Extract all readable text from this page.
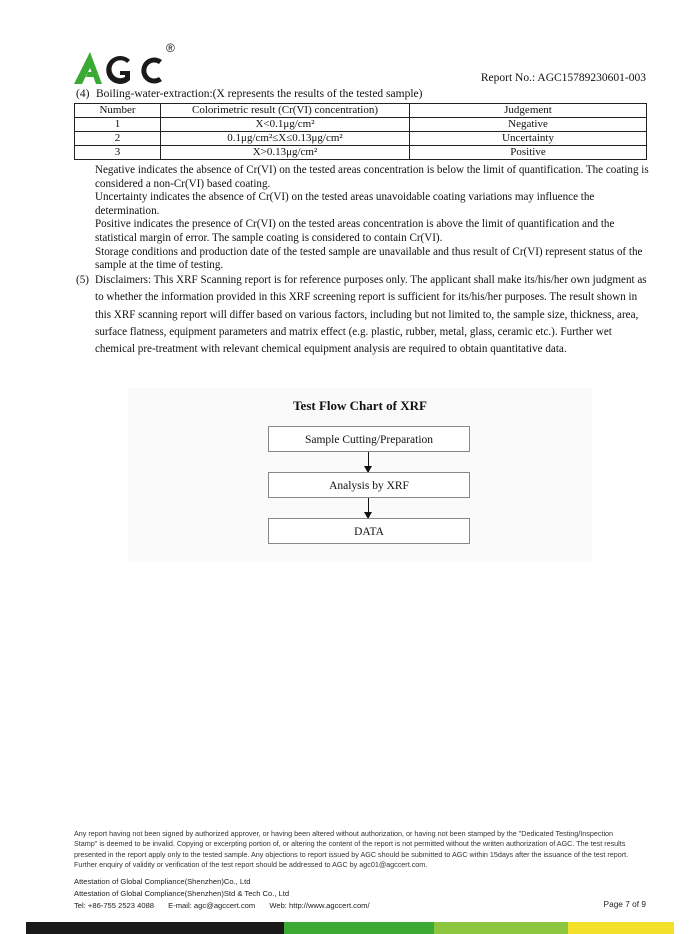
®
Report No.: AGC15789230601-003
(4) Boiling-water-extraction:(X represents the results of the tested sample)
Number	Colorimetric result (Cr(VI) concentration)	Judgement
1	X<0.1μg/cm²	Negative
2	0.1μg/cm²≤X≤0.13μg/cm²	Uncertainty
3	X>0.13μg/cm²	Positive

Negative indicates the absence of Cr(VI) on the tested areas concentration is below the limit of quantification. The coating is considered a non-Cr(VI) based coating.

Uncertainty indicates the absence of Cr(VI) on the tested areas unavoidable coating variations may influence the determination.

Positive indicates the presence of Cr(VI) on the tested areas concentration is above the limit of quantification and the statistical margin of error. The sample coating is considered to contain Cr(VI).

Storage conditions and production date of the tested sample are unavailable and thus result of Cr(VI) represent status of the sample at the time of testing.

(5) Disclaimers: This XRF Scanning report is for reference purposes only. The applicant shall make its/his/her own judgment as to whether the information provided in this XRF screening report is sufficient for its/his/her purposes. The result shown in this XRF scanning report will differ based on various factors, including but not limited to, the sample size, thickness, area, surface flatness, equipment parameters and matrix effect (e.g. plastic, rubber, metal, glass, ceramic etc.). Further wet chemical pre-treatment with relevant chemical equipment analysis are required to obtain quantitative data.
Test Flow Chart of XRF
Sample Cutting/Preparation
Analysis by XRF
DATA

Any report having not been signed by authorized approver, or having been altered without authorization, or having not been stamped by the "Dedicated Testing/Inspection

Stamp" is deemed to be invalid. Copying or excerpting portion of, or altering the content of the report is not permitted without the written authorization of AGC. The test results

presented in the report apply only to the tested sample. Any objections to report issued by AGC should be submitted to AGC within 15days after the issuance of the test report.

Further enquiry of validity or verification of the test report should be addressed to AGC by agc01@agccert.com.

Attestation of Global Compliance(Shenzhen)Co., Ltd

Attestation of Global Compliance(Shenzhen)Std & Tech Co., Ltd

Tel: +86-755 2523 4088 E-mail: agc@agccert.com Web: http://www.agccert.com/	Page 7 of 9
